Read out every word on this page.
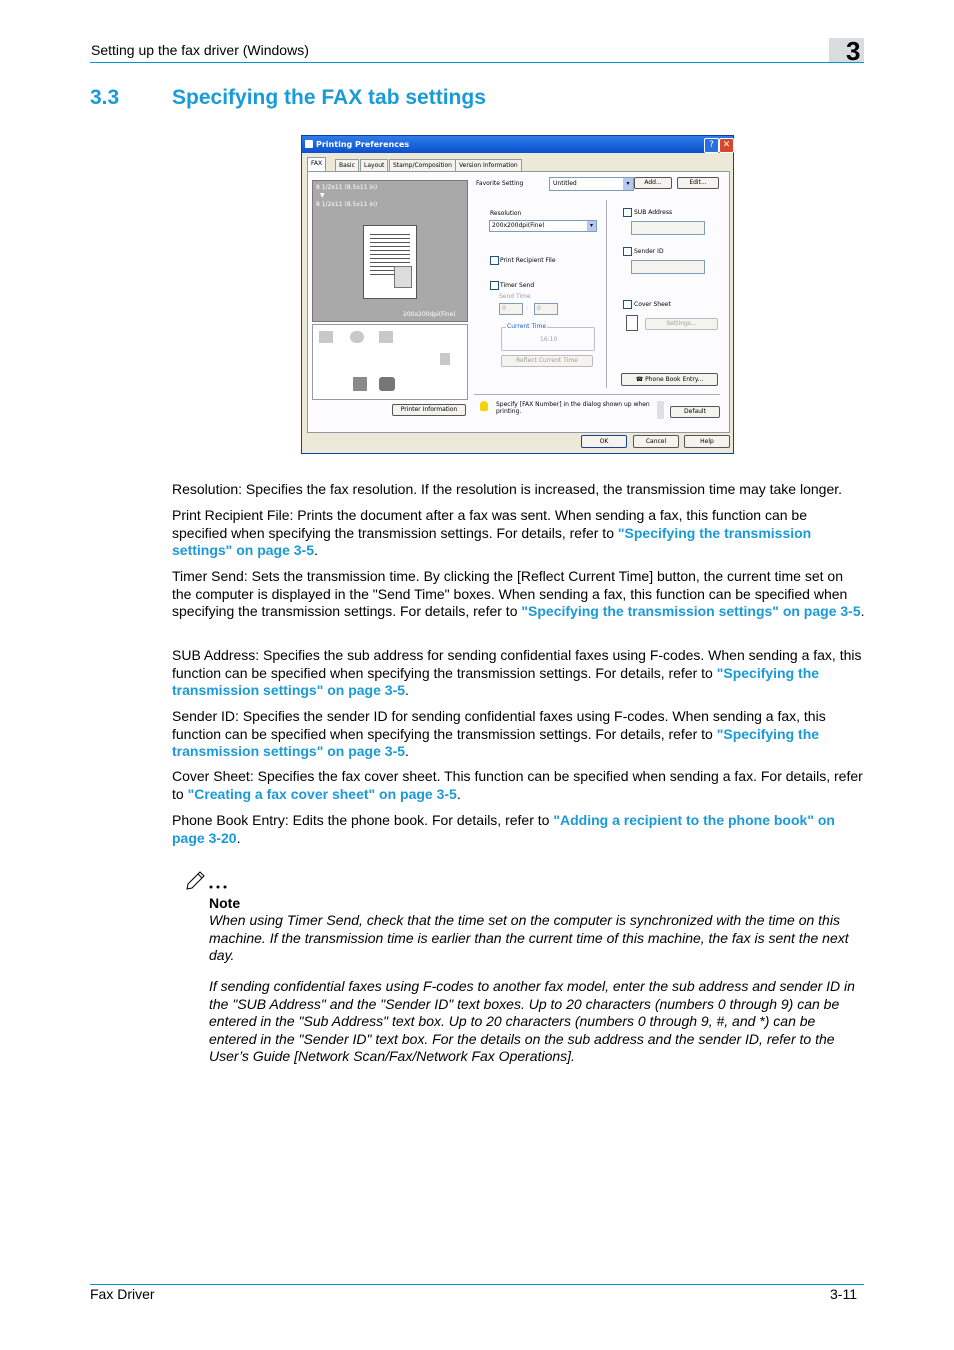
Setting up the fax driver (Windows)	3
3.3	Specifying the FAX tab settings
Printing Preferences	? ✕
FAX	Basic	Layout	Stamp/Composition	Version Information
8 1/2x11 (8.5x11 in)
▼
8 1/2x11 (8.5x11 in)
200x200dpi(Fine)
Printer Information
Favorite Setting	Untitled	▾	Add...	Edit...
Resolution
200x200dpi(Fine)	▾
Print Recipient File
Timer Send
Send Time
0	:	0
Current Time
16:10
Reflect Current Time
SUB Address
Sender ID
Cover Sheet
Settings...
☎ Phone Book Entry...
Specify [FAX Number] in the dialog shown up when printing.	Default
OK	Cancel	Help
Resolution: Specifies the fax resolution. If the resolution is increased, the transmission time may take longer.
Print Recipient File: Prints the document after a fax was sent. When sending a fax, this function can be specified when specifying the transmission settings. For details, refer to "Specifying the transmission settings" on page 3-5.
Timer Send: Sets the transmission time. By clicking the [Reflect Current Time] button, the current time set on the computer is displayed in the "Send Time" boxes. When sending a fax, this function can be specified when specifying the transmission settings. For details, refer to "Specifying the transmission settings" on page 3-5.
SUB Address: Specifies the sub address for sending confidential faxes using F-codes. When sending a fax, this function can be specified when specifying the transmission settings. For details, refer to "Specifying the transmission settings" on page 3-5.
Sender ID: Specifies the sender ID for sending confidential faxes using F-codes. When sending a fax, this function can be specified when specifying the transmission settings. For details, refer to "Specifying the transmission settings" on page 3-5.
Cover Sheet: Specifies the fax cover sheet. This function can be specified when sending a fax. For details, refer to "Creating a fax cover sheet" on page 3-5.
Phone Book Entry: Edits the phone book. For details, refer to "Adding a recipient to the phone book" on page 3-20.
Note
When using Timer Send, check that the time set on the computer is synchronized with the time on this machine. If the transmission time is earlier than the current time of this machine, the fax is sent the next day.
If sending confidential faxes using F-codes to another fax model, enter the sub address and sender ID in the "SUB Address" and the "Sender ID" text boxes. Up to 20 characters (numbers 0 through 9) can be entered in the "Sub Address" text box. Up to 20 characters (numbers 0 through 9, #, and *) can be entered in the "Sender ID" text box. For the details on the sub address and the sender ID, refer to the User’s Guide [Network Scan/Fax/Network Fax Operations].
Fax Driver	3-11
